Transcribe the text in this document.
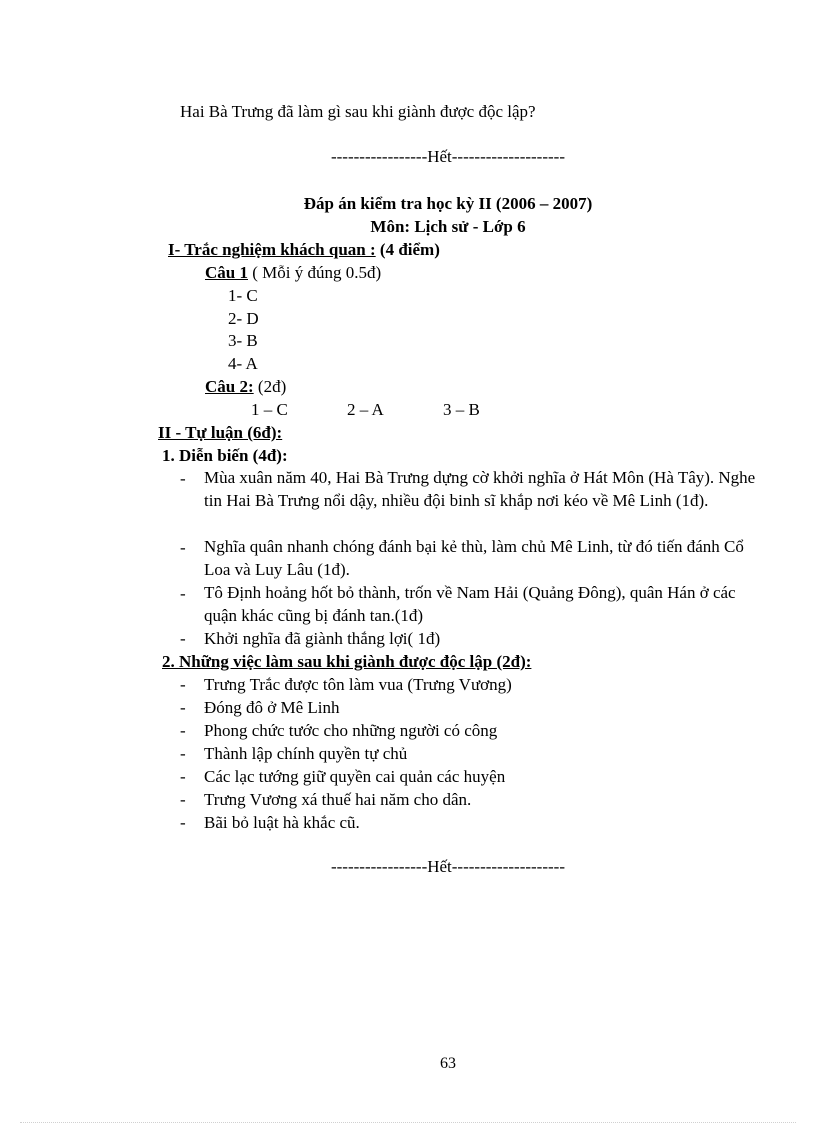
Hai Bà Trưng đã làm gì sau khi giành được độc lập?
-----------------Hết--------------------
Đáp án kiểm tra học kỳ II (2006 – 2007)
Môn: Lịch sử - Lớp 6
I- Trắc nghiệm khách quan : (4 điểm)
Câu 1 ( Mỗi ý đúng 0.5đ)
1- C
2- D
3- B
4- A
Câu 2: (2đ)
1 – C	2 – A	3 – B
II - Tự luận (6đ):
1. Diễn biến (4đ):
-	Mùa xuân năm 40, Hai Bà Trưng dựng cờ khởi nghĩa ở Hát Môn (Hà Tây). Nghe tin Hai Bà Trưng nổi dậy, nhiều đội binh sĩ khắp nơi kéo về Mê Linh (1đ).
-	Nghĩa quân nhanh chóng đánh bại kẻ thù, làm chủ Mê Linh, từ đó tiến đánh Cổ Loa và Luy Lâu (1đ).
-	Tô Định hoảng hốt bỏ thành, trốn về Nam Hải (Quảng Đông), quân Hán ở các quận khác cũng bị đánh tan.(1đ)
-	Khởi nghĩa đã giành thắng lợi( 1đ)
2. Những việc làm sau khi giành được độc lập (2đ):
-	Trưng Trắc được tôn làm vua (Trưng Vương)
-	Đóng đô ở Mê Linh
-	Phong chức tước cho những người có công
-	Thành lập chính quyền tự chủ
-	Các lạc tướng giữ quyền cai quản các huyện
-	Trưng Vương xá thuế hai năm cho dân.
-	Bãi bỏ luật hà khắc cũ.
-----------------Hết--------------------
63
